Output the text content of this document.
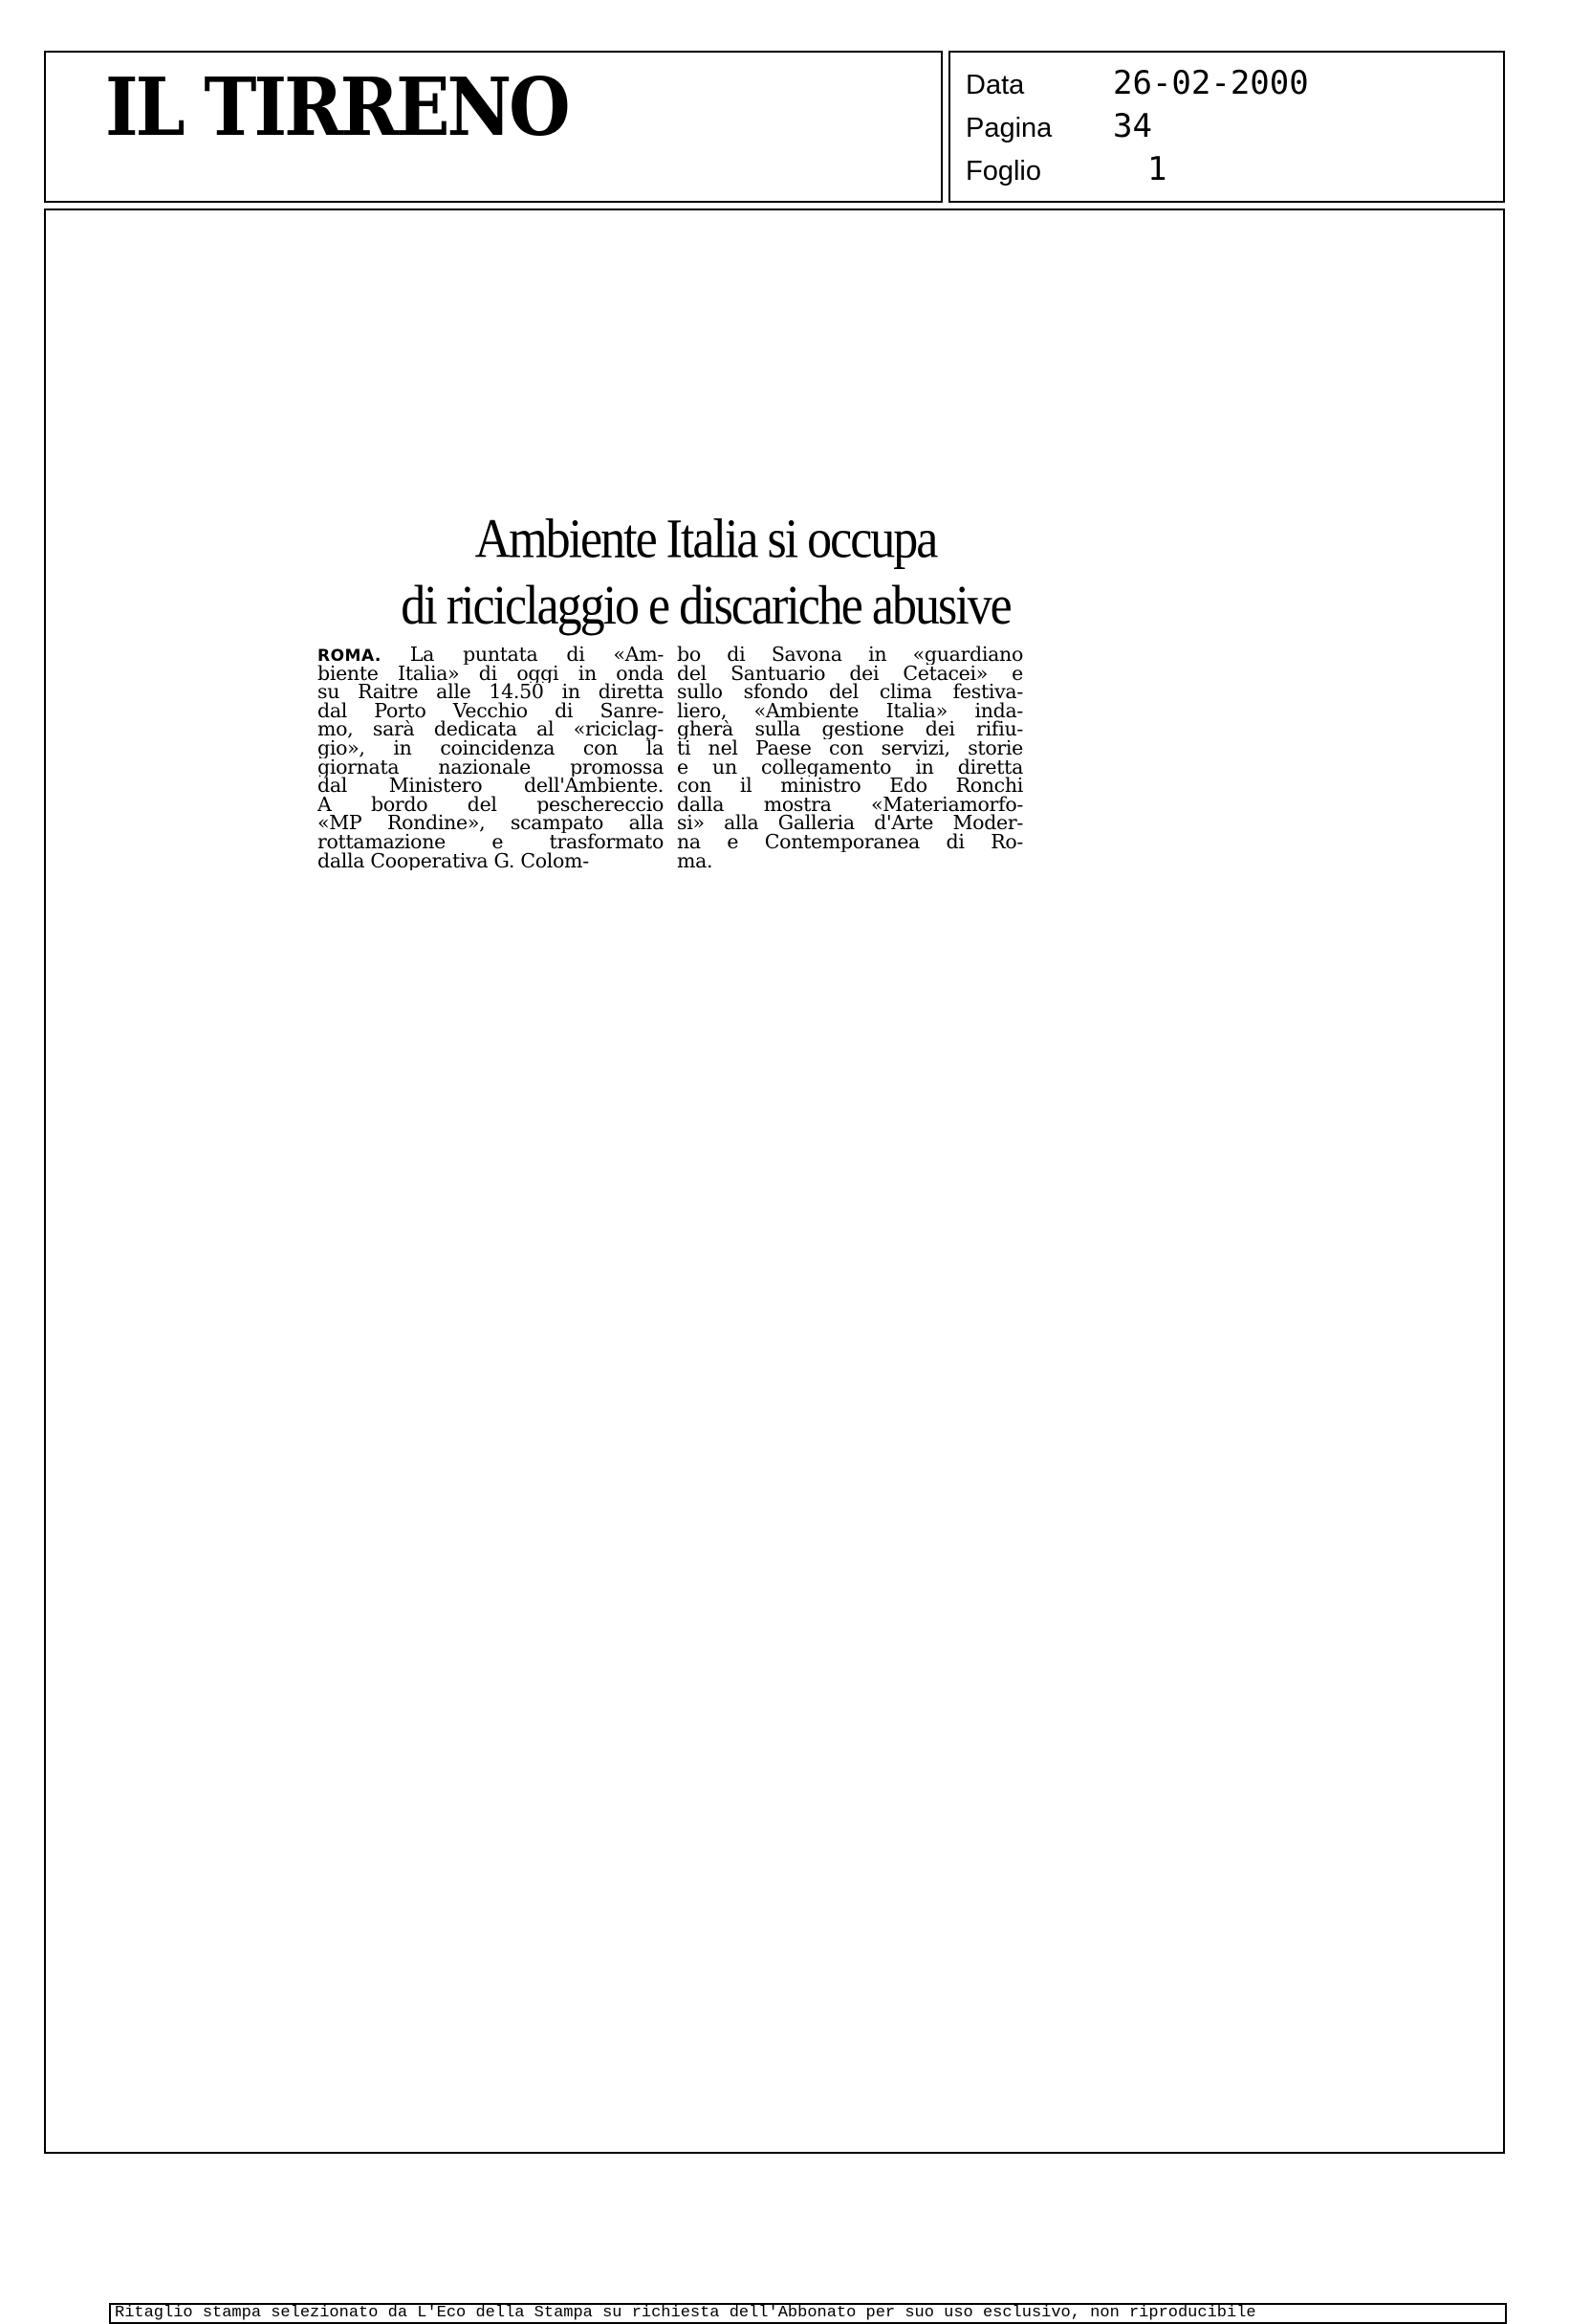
IL TIRRENO	Data	26-02-2000
Pagina 34
Foglio	1
Ambiente Italia si occupa
di riciclaggio e discariche abusive
ROMA. La puntata di «Am-
biente Italia» di oggi in onda
su Raitre alle 14.50 in diretta
dal Porto Vecchio di Sanre-
mo, sarà dedicata al «riciclag-
gio», in coincidenza con la
giornata nazionale promossa
dal Ministero dell'Ambiente.
A bordo del peschereccio
«MP Rondine», scampato alla
rottamazione e trasformato
dalla Cooperativa G. Colom-
bo di Savona in «guardiano
del Santuario dei Cetacei» e
sullo sfondo del clima festiva-
liero, «Ambiente Italia» inda-
gherà sulla gestione dei rifiu-
ti nel Paese con servizi, storie
e un collegamento in diretta
con il ministro Edo Ronchi
dalla mostra «Materiamorfo-
si» alla Galleria d'Arte Moder-
na e Contemporanea di Ro-
ma.
Ritaglio stampa selezionato da L'Eco della Stampa su richiesta dell'Abbonato per suo uso esclusivo, non riproducibile
